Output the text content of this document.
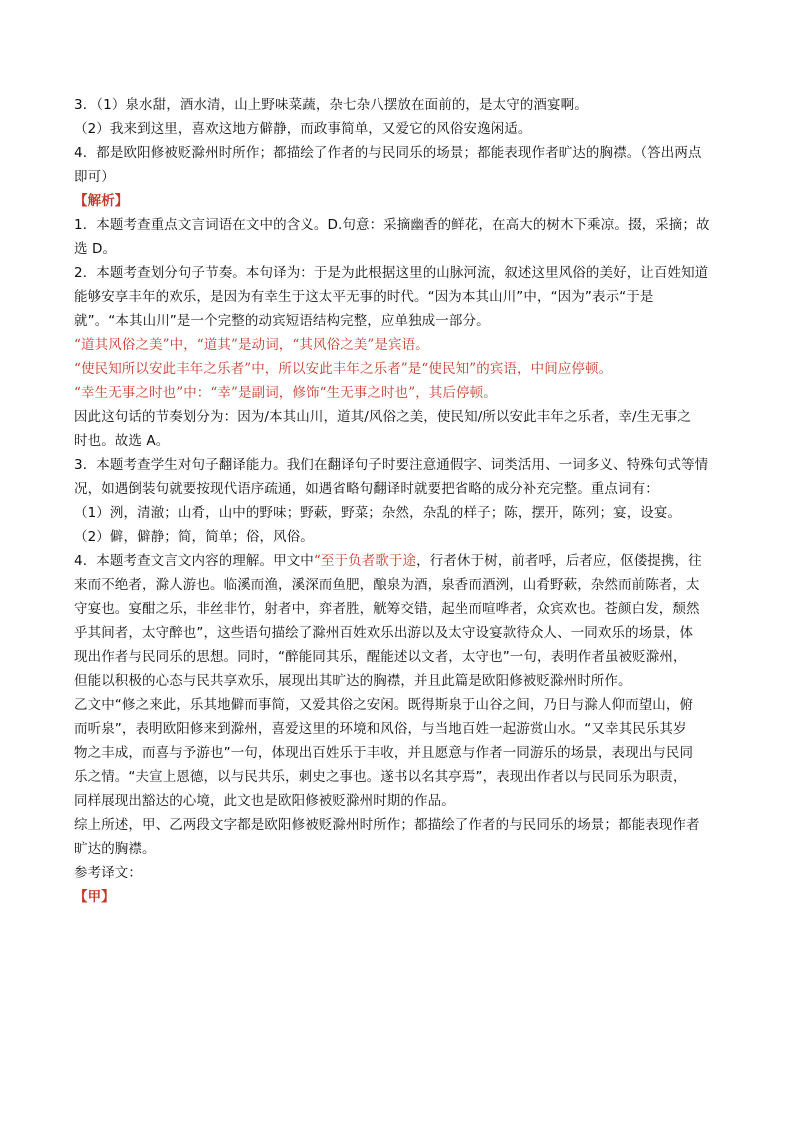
3．（1）泉水甜，酒水清，山上野味菜蔬，杂七杂八摆放在面前的，是太守的酒宴啊。

（2）我来到这里，喜欢这地方僻静，而政事简单，又爱它的风俗安逸闲适。

4．都是欧阳修被贬滁州时所作；都描绘了作者的与民同乐的场景；都能表现作者旷达的胸襟。（答出两点

即可）

【解析】

1．本题考查重点文言词语在文中的含义。D.句意：采摘幽香的鲜花，在高大的树木下乘凉。掇，采摘；故

选 D。

2．本题考查划分句子节奏。本句译为：于是为此根据这里的山脉河流，叙述这里风俗的美好，让百姓知道

能够安享丰年的欢乐，是因为有幸生于这太平无事的时代。“因为本其山川”中，“因为”表示“于是

就”。“本其山川”是一个完整的动宾短语结构完整，应单独成一部分。

“道其风俗之美”中，“道其”是动词，“其风俗之美”是宾语。

“使民知所以安此丰年之乐者”中，所以安此丰年之乐者”是“使民知”的宾语，中间应停顿。

“幸生无事之时也”中：“幸”是副词，修饰“生无事之时也”，其后停顿。

因此这句话的节奏划分为：因为/本其山川，道其/风俗之美，使民知/所以安此丰年之乐者，幸/生无事之

时也。故选 A。

3．本题考查学生对句子翻译能力。我们在翻译句子时要注意通假字、词类活用、一词多义、特殊句式等情

况，如遇倒装句就要按现代语序疏通，如遇省略句翻译时就要把省略的成分补充完整。重点词有：

（1）洌，清澈；山肴，山中的野味；野蔌，野菜；杂然，杂乱的样子；陈，摆开，陈列；宴，设宴。

（2）僻，僻静；简，简单；俗，风俗。

4．本题考查文言文内容的理解。甲文中“至于负者歌于途，行者休于树，前者呼，后者应，伛偻提携，往

来而不绝者，滁人游也。临溪而渔，溪深而鱼肥，酿泉为酒，泉香而酒洌，山肴野蔌，杂然而前陈者，太

守宴也。宴酣之乐，非丝非竹，射者中，弈者胜，觥筹交错，起坐而喧哗者，众宾欢也。苍颜白发，颓然

乎其间者，太守醉也”，这些语句描绘了滁州百姓欢乐出游以及太守设宴款待众人、一同欢乐的场景，体

现出作者与民同乐的思想。同时，“醉能同其乐，醒能述以文者，太守也”一句，表明作者虽被贬滁州，

但能以积极的心态与民共享欢乐，展现出其旷达的胸襟，并且此篇是欧阳修被贬滁州时所作。

乙文中“修之来此，乐其地僻而事简，又爱其俗之安闲。既得斯泉于山谷之间，乃日与滁人仰而望山，俯

而听泉”，表明欧阳修来到滁州，喜爱这里的环境和风俗，与当地百姓一起游赏山水。“又幸其民乐其岁

物之丰成，而喜与予游也”一句，体现出百姓乐于丰收，并且愿意与作者一同游乐的场景，表现出与民同

乐之情。“夫宣上恩德，以与民共乐，刺史之事也。遂书以名其亭焉”，表现出作者以与民同乐为职责，

同样展现出豁达的心境，此文也是欧阳修被贬滁州时期的作品。

综上所述，甲、乙两段文字都是欧阳修被贬滁州时所作；都描绘了作者的与民同乐的场景；都能表现作者

旷达的胸襟。

参考译文：

【甲】
